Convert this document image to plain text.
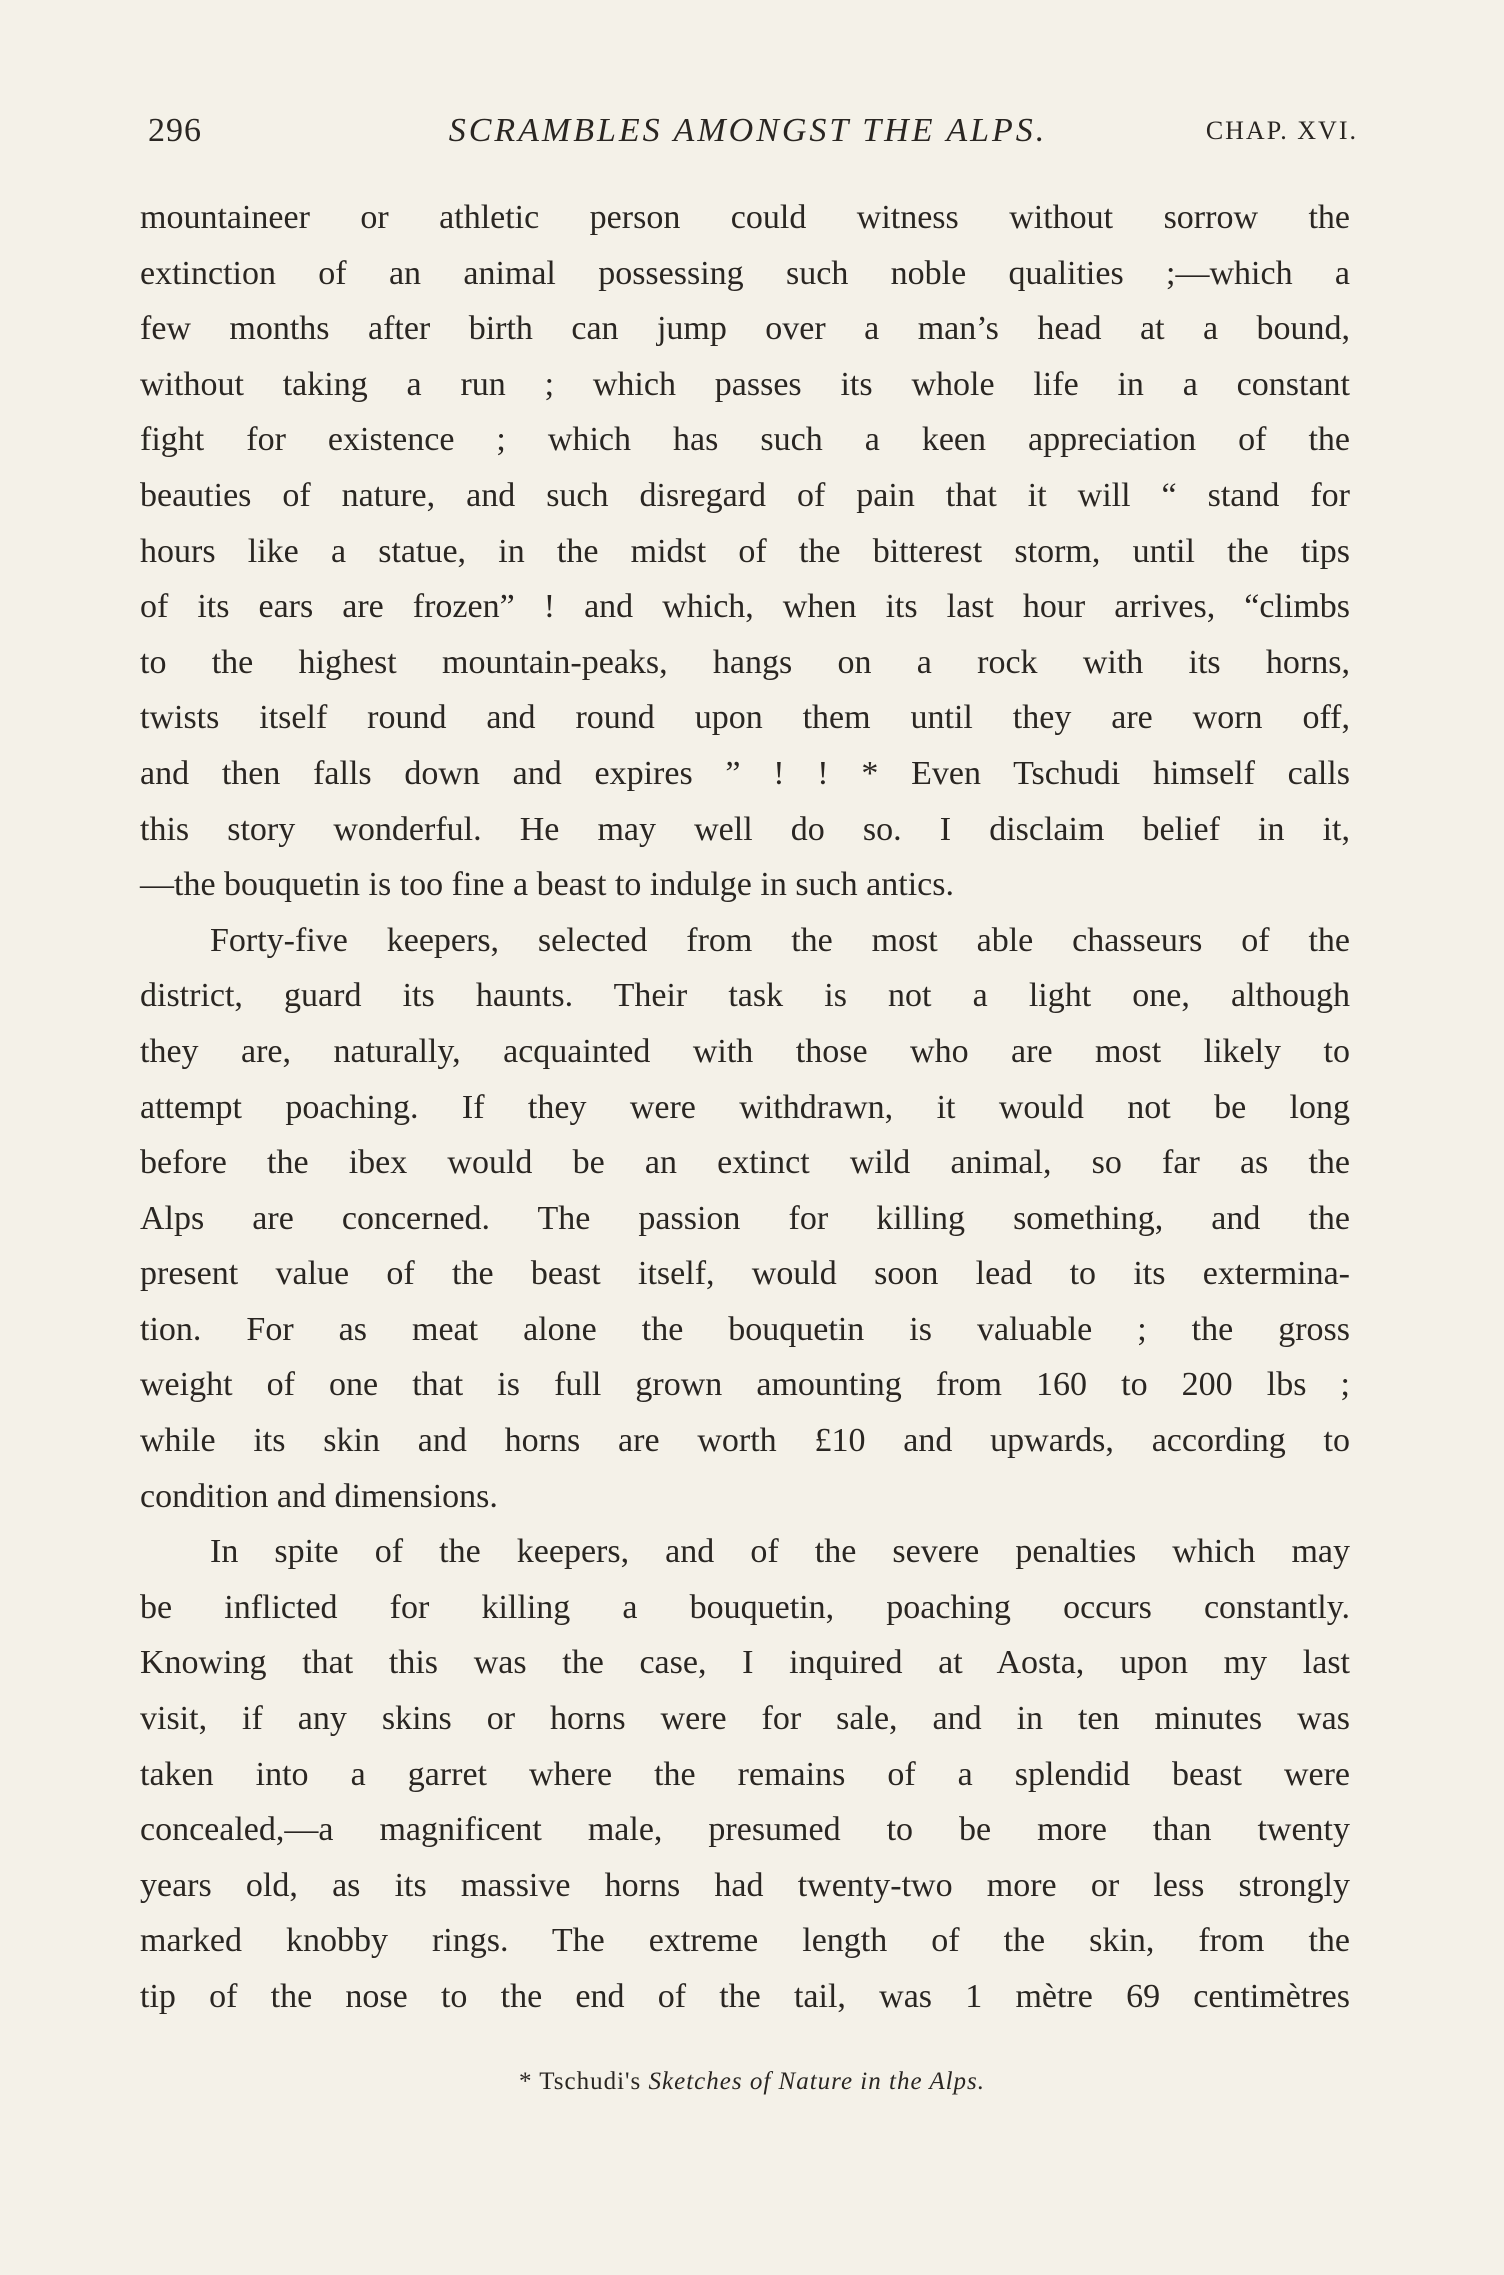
296	SCRAMBLES AMONGST THE ALPS.	CHAP. XVI.
mountaineer or athletic person could witness without sorrow the
extinction of an animal possessing such noble qualities ;—which a
few months after birth can jump over a man’s head at a bound,
without taking a run ; which passes its whole life in a constant
fight for existence ; which has such a keen appreciation of the
beauties of nature, and such disregard of pain that it will “ stand for
hours like a statue, in the midst of the bitterest storm, until the tips
of its ears are frozen” ! and which, when its last hour arrives, “climbs
to the highest mountain-peaks, hangs on a rock with its horns,
twists itself round and round upon them until they are worn off,
and then falls down and expires ” ! ! * Even Tschudi himself calls
this story wonderful. He may well do so. I disclaim belief in it,
—the bouquetin is too fine a beast to indulge in such antics.
Forty-five keepers, selected from the most able chasseurs of the
district, guard its haunts. Their task is not a light one, although
they are, naturally, acquainted with those who are most likely to
attempt poaching. If they were withdrawn, it would not be long
before the ibex would be an extinct wild animal, so far as the
Alps are concerned. The passion for killing something, and the
present value of the beast itself, would soon lead to its extermina-
tion. For as meat alone the bouquetin is valuable ; the gross
weight of one that is full grown amounting from 160 to 200 lbs ;
while its skin and horns are worth £10 and upwards, according to
condition and dimensions.
In spite of the keepers, and of the severe penalties which may
be inflicted for killing a bouquetin, poaching occurs constantly.
Knowing that this was the case, I inquired at Aosta, upon my last
visit, if any skins or horns were for sale, and in ten minutes was
taken into a garret where the remains of a splendid beast were
concealed,—a magnificent male, presumed to be more than twenty
years old, as its massive horns had twenty-two more or less strongly
marked knobby rings. The extreme length of the skin, from the
tip of the nose to the end of the tail, was 1 mètre 69 centimètres
* Tschudi's Sketches of Nature in the Alps.
